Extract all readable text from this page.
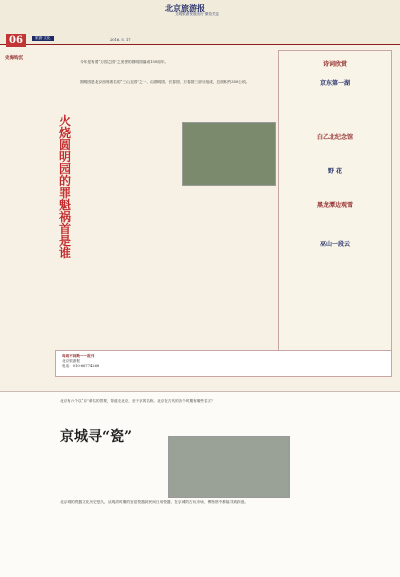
06	旅游·文化
北京旅游报
2016. 5. 17
文明旅游发展出行 微信关注
史海钩沉
今年是有着“万园之园”之美誉的圆明园落成150周年。
火烧圆明园的罪魁祸首是谁
圆明园是北京西郊著名的“三山五园”之一，由圆明园、长春园、万春园三部分组成，总面积约350公顷。
诗词欣赏
京东第一湖
白乙北纪念馆
野 花
黑龙潭边观雪
巫山一段云
每周不间断——报刊
北京旅游报
电话：010-66774268
北京有六个以“京”命名的景观，背道走北京，至于京的名称，北京在古代的各个时期有哪些名字？
京城寻“瓷”
北京城的瓷器文化历史悠久，从明清时期的官窑瓷器到民间日用瓷器，在京城的古玩市场、博物馆中都能寻到踪迹。
